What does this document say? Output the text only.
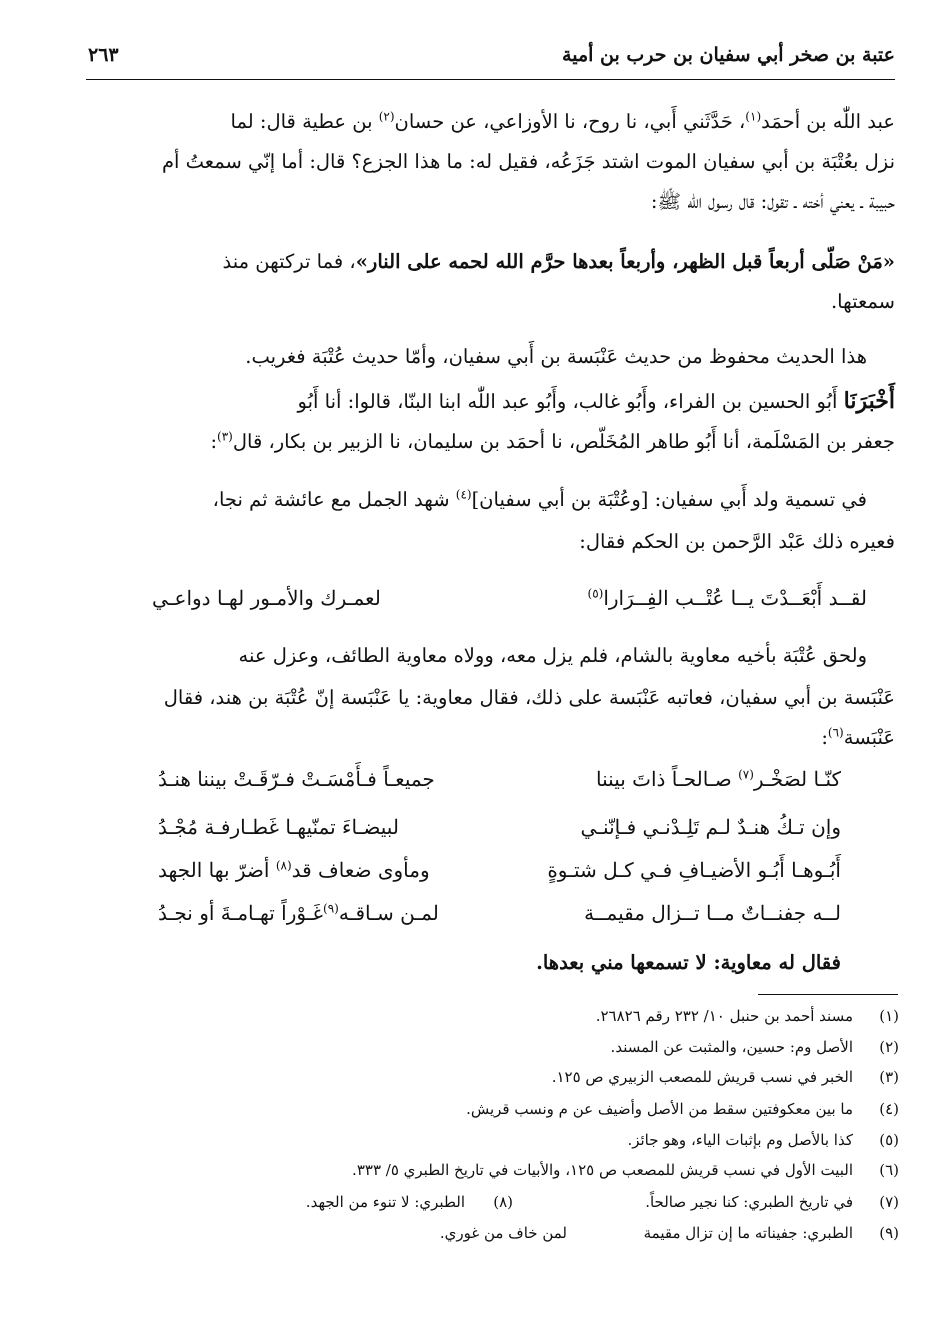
عتبة بن صخر أبي سفيان بن حرب بن أمية
٢٦٣
عبد اللّٰه بن أحمَد$^{(١)}$، حَدَّثَني أَبي، نا روح، نا الأوزاعي، عن حسان$^{(٢)}$ بن عطية قال: لما
نزل بعُتْبَة بن أبي سفيان الموت اشتد جَزَعُه، فقيل له: ما هذا الجزع؟ قال: أما إنّي سمعتُ أم
حبيبة ـ يعني أخته ـ تقول: قال رسول الله ﷺ:
«مَنْ صَلّى أربعاً قبل الظهر، وأربعاً بعدها حرَّم الله لحمه على النار»، فما تركتهن منذ
سمعتها.
هذا الحديث محفوظ من حديث عَنْبَسة بن أَبي سفيان، وأمّا حديث عُتْبَة فغريب.
أَخْبَرَنَا أَبُو الحسين بن الفراء، وأَبُو غالب، وأَبُو عبد اللّٰه ابنا البنّا، قالوا: أنا أَبُو
جعفر بن المَسْلَمة، أنا أَبُو طاهر المُخَلّص، نا أحمَد بن سليمان، نا الزبير بن بكار، قال$^{(٣)}$:
في تسمية ولد أَبي سفيان: [وعُتْبَة بن أبي سفيان]$^{(٤)}$ شهد الجمل مع عائشة ثم نجا،
فعيره ذلك عَبْد الرَّحمن بن الحكم فقال:
لقــد أَبْعَــدْتَ يــا عُتْــب الفِــرَارا$^{(٥)}$
لعمـرك والأمـور لهـا دواعـي
ولحق عُتْبَة بأخيه معاوية بالشام، فلم يزل معه، وولاه معاوية الطائف، وعزل عنه
عَنْبَسة بن أبي سفيان، فعاتبه عَنْبَسة على ذلك، فقال معاوية: يا عَنْبَسة إنّ عُتْبَة بن هند، فقال
عَنْبَسة$^{(٦)}$:
كنّـا لصَخْـر$^{(٧)}$ صـالحـاً ذاتَ بيننا
جميعـاً فـأَمْسَـتْ فـرّقَـتْ بيننا هنـدُ
وإن تـكُ هنـدٌ لـم تَلِـدْنـي فـإنّنـي
لبيضـاءَ تمنّيهـا غَطـارفـة مُجْـدُ
أَبُـوهـا أَبُـو الأضيـافِ فـي كـل شتـوةٍ
ومأوى ضعاف قد$^{(٨)}$ أضرّ بها الجهد
لــه جفنــاتٌ مــا تــزال مقيمــة
لمـن سـاقـه$^{(٩)}$غَـوْراً تهـامـةَ أو نجـدُ
فقال له معاوية: لا تسمعها مني بعدها.
(١)
مسند أحمد بن حنبل ١٠/ ٢٣٢ رقم ٢٦٨٢٦.
(٢)
الأصل وم: حسين، والمثبت عن المسند.
(٣)
الخبر في نسب قريش للمصعب الزبيري ص ١٢٥.
(٤)
ما بين معكوفتين سقط من الأصل وأضيف عن م ونسب قريش.
(٥)
كذا بالأصل وم بإثبات الياء، وهو جائز.
(٦)
البيت الأول في نسب قريش للمصعب ص ١٢٥، والأبيات في تاريخ الطبري ٥/ ٣٣٣.
(٧)
في تاريخ الطبري: كنا نجير صالحاً.
(٨)
الطبري: لا تنوء من الجهد.
(٩)
الطبري: جفيناته ما إن تزال مقيمة
لمن خاف من غوري.
